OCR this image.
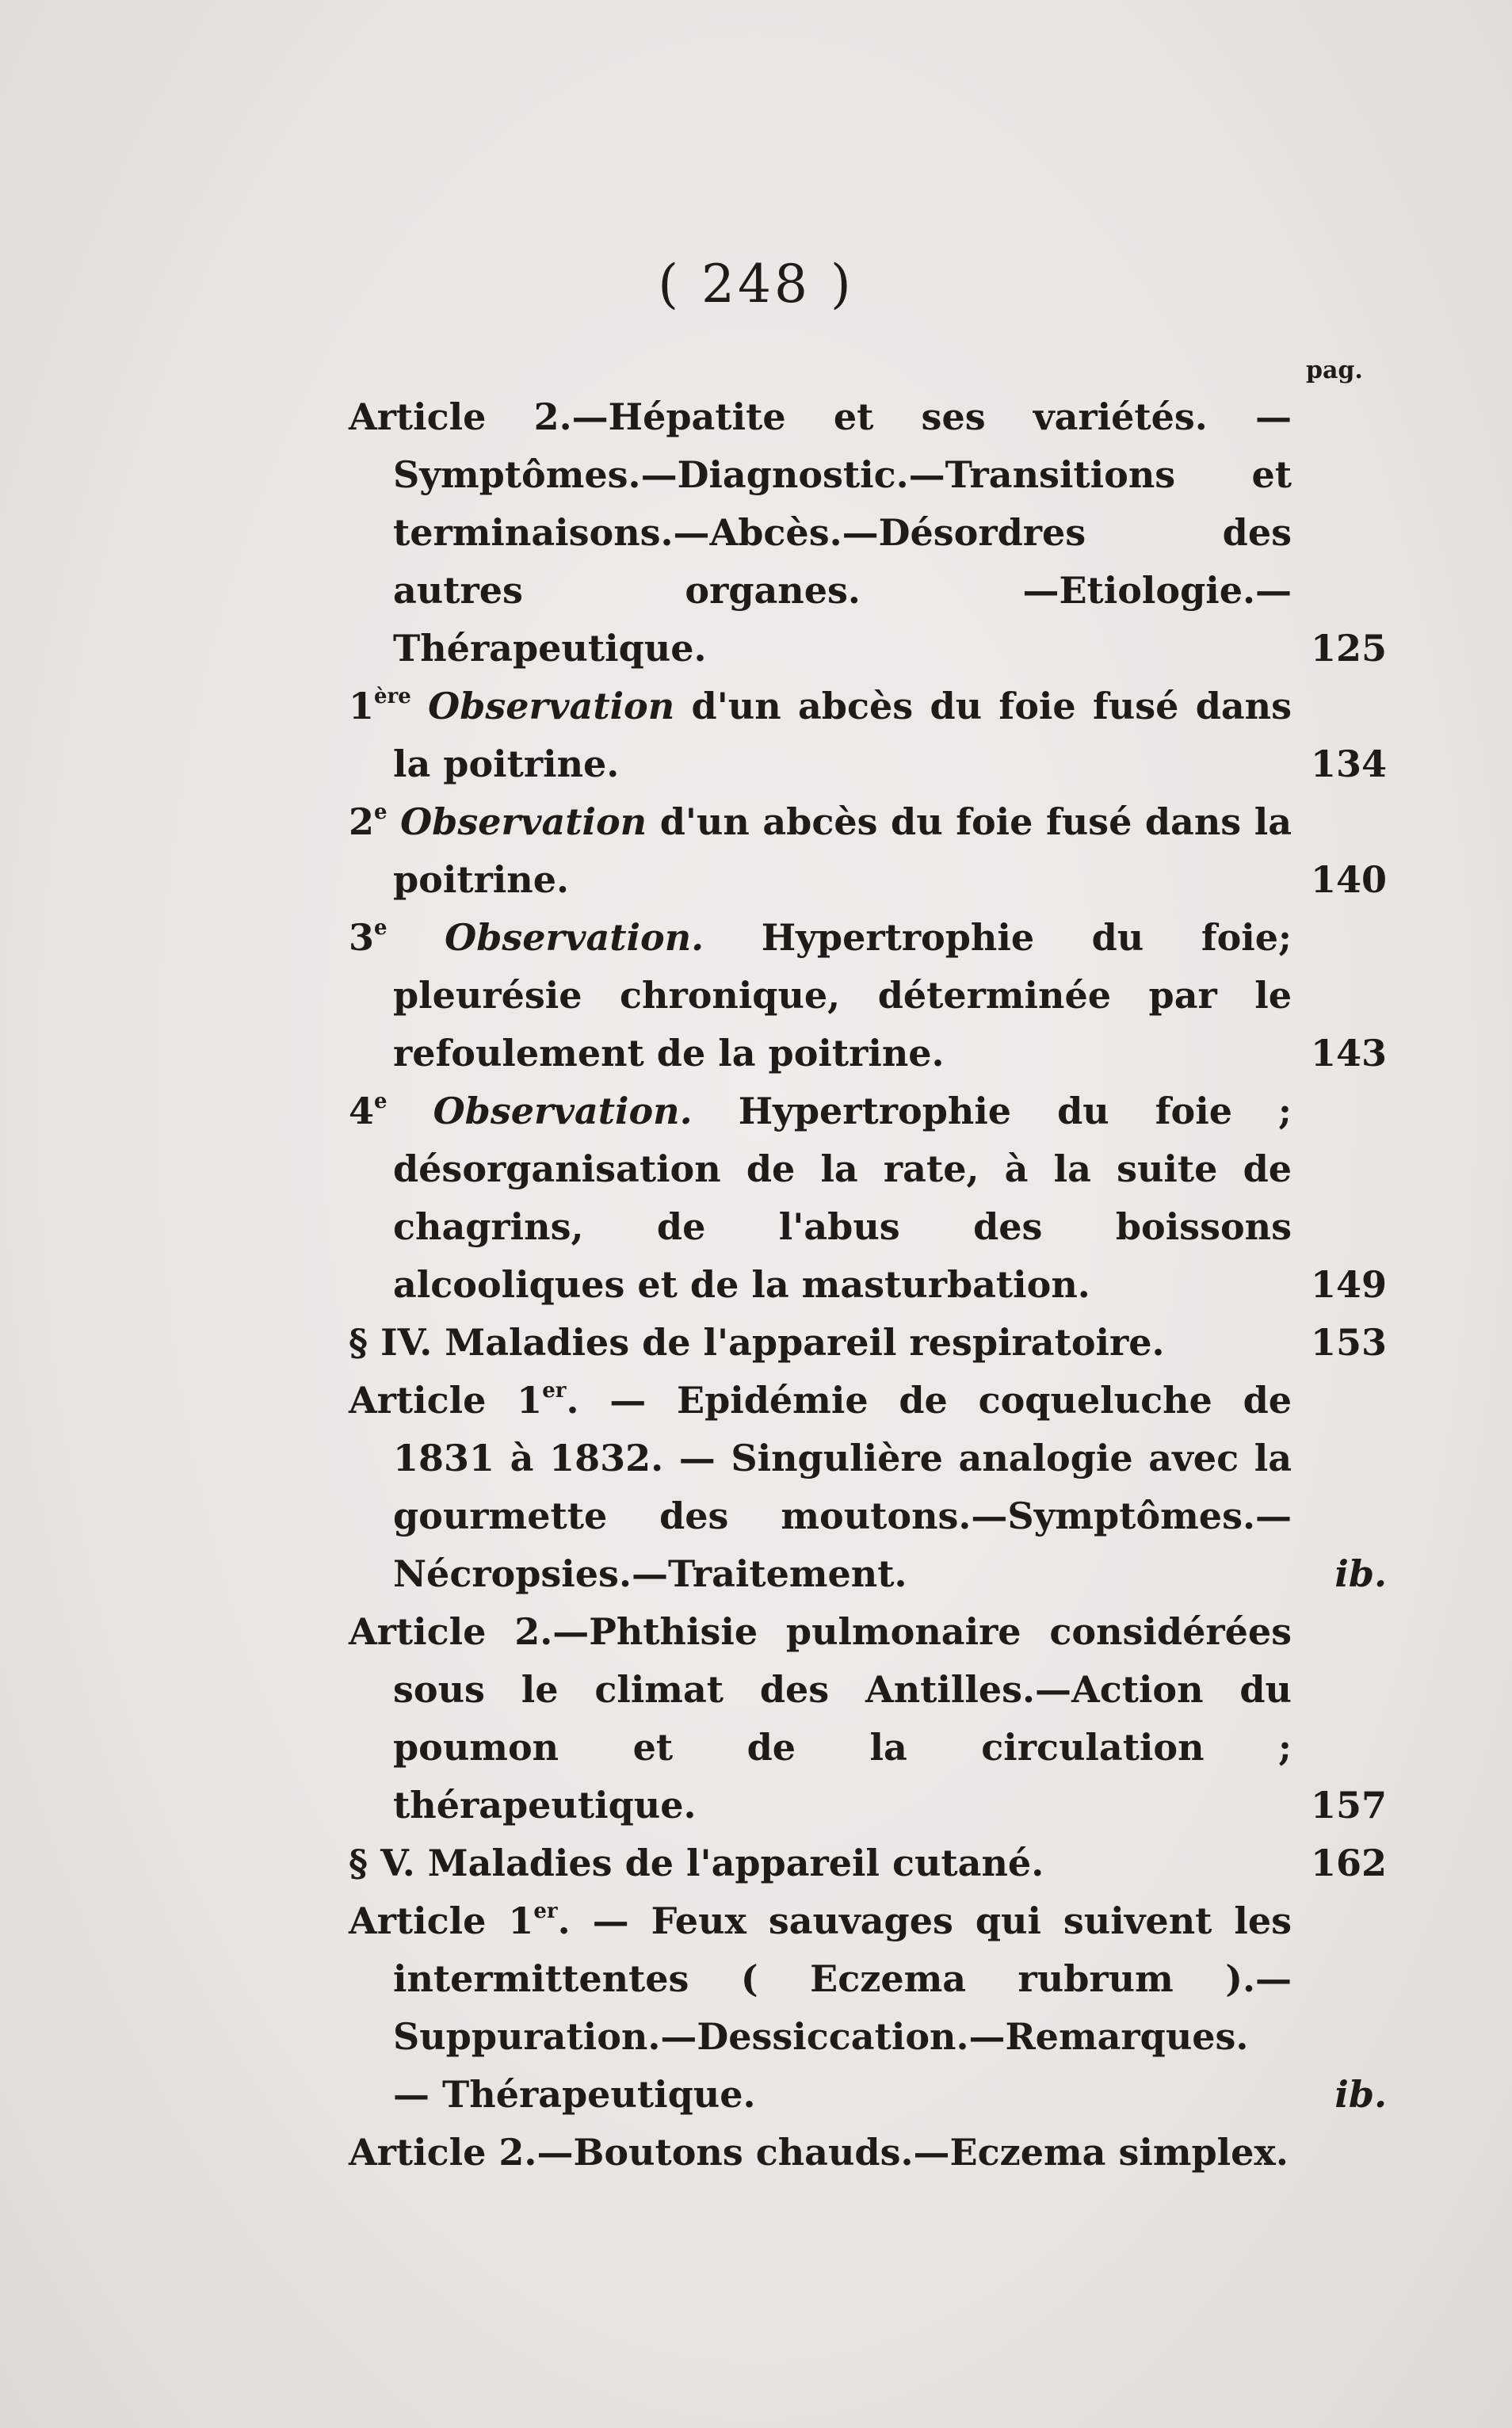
( 248 )
pag.
Article 2.—Hépatite et ses variétés. — Symptômes.—Diagnostic.—Transitions et terminaisons.—Abcès.—Désordres des autres organes. —Etiologie.—Thérapeutique.	125
1ère Observation d'un abcès du foie fusé dans la poitrine.	134
2e Observation d'un abcès du foie fusé dans la poitrine.	140
3e Observation. Hypertrophie du foie; pleurésie chronique, déterminée par le refoulement de la poitrine.	143
4e Observation. Hypertrophie du foie ; désorganisation de la rate, à la suite de chagrins, de l'abus des boissons alcooliques et de la masturbation.	149
§ IV. Maladies de l'appareil respiratoire.	153
Article 1er. — Epidémie de coqueluche de 1831 à 1832. — Singulière analogie avec la gourmette des moutons.—Symptômes.—Nécropsies.—Traitement.	ib.
Article 2.—Phthisie pulmonaire considérées sous le climat des Antilles.—Action du poumon et de la circulation ; thérapeutique.	157
§ V. Maladies de l'appareil cutané.	162
Article 1er. — Feux sauvages qui suivent les intermittentes ( Eczema rubrum ).— Suppuration.—Dessiccation.—Remarques. — Thérapeutique.	ib.
Article 2.—Boutons chauds.—Eczema simplex.
